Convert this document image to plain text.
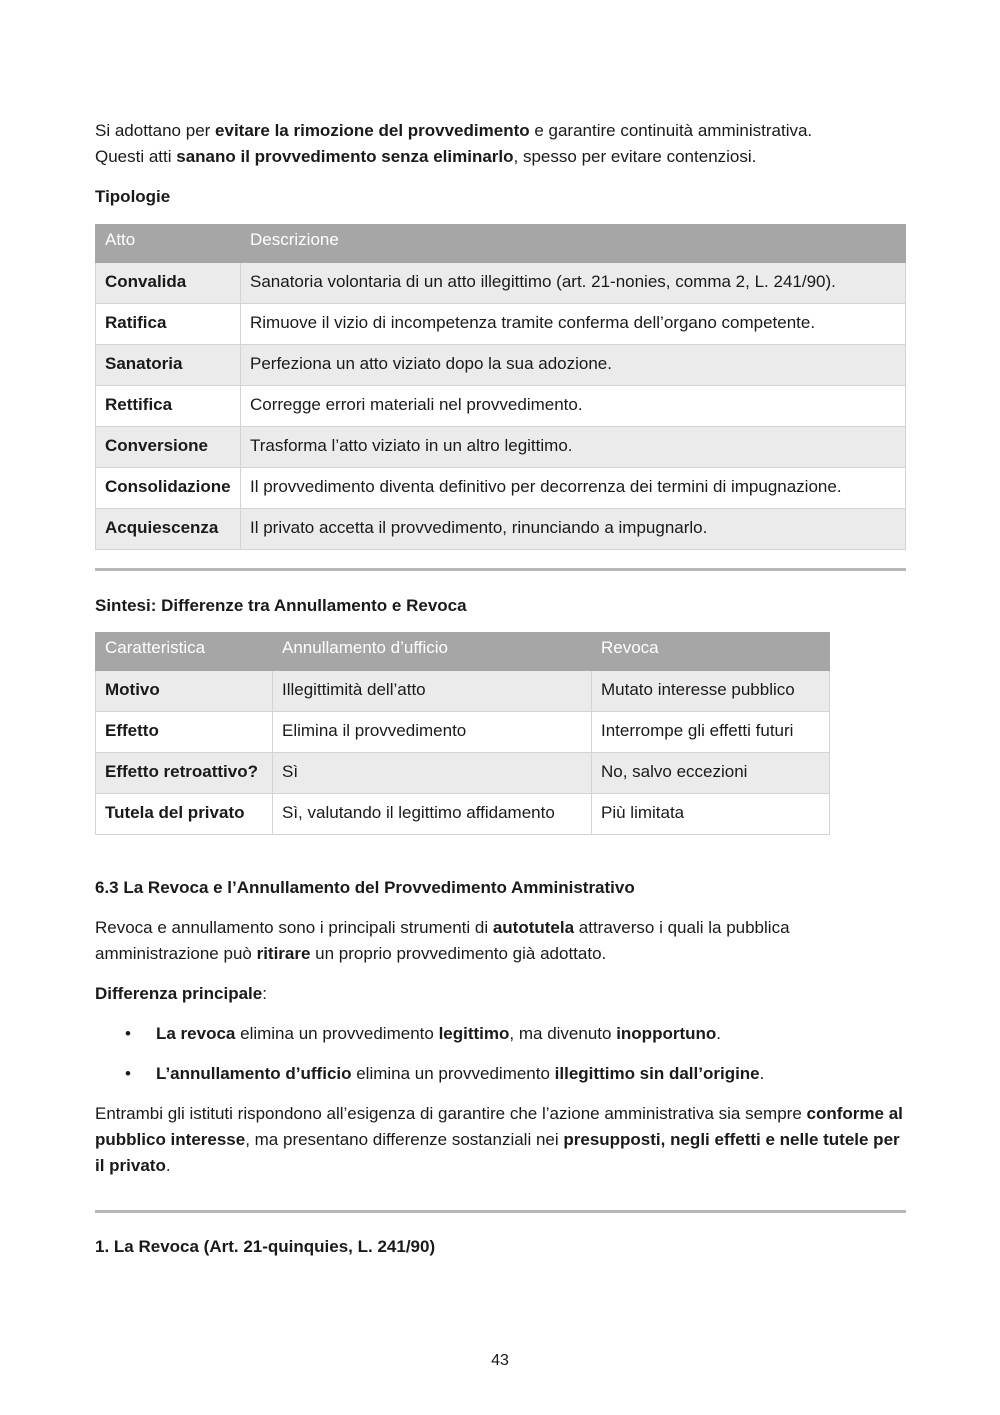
Si adottano per evitare la rimozione del provvedimento e garantire continuità amministrativa.

Questi atti sanano il provvedimento senza eliminarlo, spesso per evitare contenziosi.

Tipologie
Atto	Descrizione
Convalida	Sanatoria volontaria di un atto illegittimo (art. 21-nonies, comma 2, L. 241/90).
Ratifica	Rimuove il vizio di incompetenza tramite conferma dell’organo competente.
Sanatoria	Perfeziona un atto viziato dopo la sua adozione.
Rettifica	Corregge errori materiali nel provvedimento.
Conversione	Trasforma l’atto viziato in un altro legittimo.
Consolidazione	Il provvedimento diventa definitivo per decorrenza dei termini di impugnazione.
Acquiescenza	Il privato accetta il provvedimento, rinunciando a impugnarlo.
Sintesi: Differenze tra Annullamento e Revoca
Caratteristica	Annullamento d’ufficio	Revoca
Motivo	Illegittimità dell’atto	Mutato interesse pubblico
Effetto	Elimina il provvedimento	Interrompe gli effetti futuri
Effetto retroattivo?	Sì	No, salvo eccezioni
Tutela del privato	Sì, valutando il legittimo affidamento	Più limitata
6.3 La Revoca e l’Annullamento del Provvedimento Amministrativo

Revoca e annullamento sono i principali strumenti di autotutela attraverso i quali la pubblica amministrazione può ritirare un proprio provvedimento già adottato.

Differenza principale:

• La revoca elimina un provvedimento legittimo, ma divenuto inopportuno.
• L’annullamento d’ufficio elimina un provvedimento illegittimo sin dall’origine.

Entrambi gli istituti rispondono all’esigenza di garantire che l’azione amministrativa sia sempre conforme al pubblico interesse, ma presentano differenze sostanziali nei presupposti, negli effetti e nelle tutele per il privato.

1. La Revoca (Art. 21-quinquies, L. 241/90)
43
